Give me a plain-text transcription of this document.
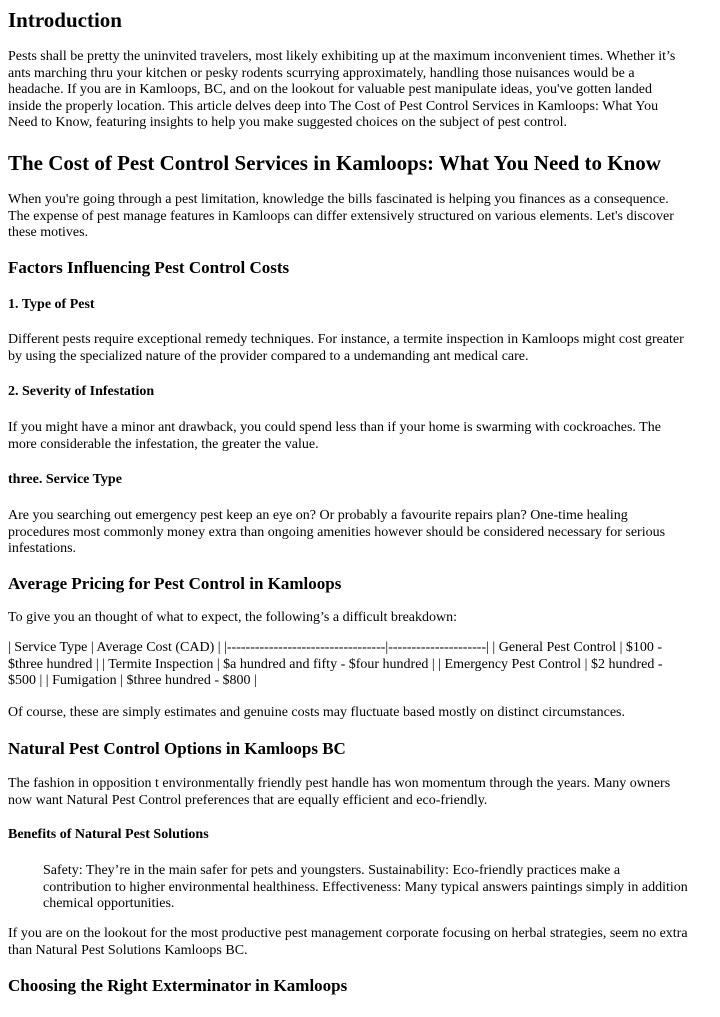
Introduction

Pests shall be pretty the uninvited travelers, most likely exhibiting up at the maximum inconvenient times. Whether it’s
ants marching thru your kitchen or pesky rodents scurrying approximately, handling those nuisances would be a
headache. If you are in Kamloops, BC, and on the lookout for valuable pest manipulate ideas, you've gotten landed
inside the properly location. This article delves deep into The Cost of Pest Control Services in Kamloops: What You
Need to Know, featuring insights to help you make suggested choices on the subject of pest control.

The Cost of Pest Control Services in Kamloops: What You Need to Know

When you're going through a pest limitation, knowledge the bills fascinated is helping you finances as a consequence.
The expense of pest manage features in Kamloops can differ extensively structured on various elements. Let's discover
these motives.

Factors Influencing Pest Control Costs
1. Type of Pest

Different pests require exceptional remedy techniques. For instance, a termite inspection in Kamloops might cost greater
by using the specialized nature of the provider compared to a undemanding ant medical care.

2. Severity of Infestation

If you might have a minor ant drawback, you could spend less than if your home is swarming with cockroaches. The
more considerable the infestation, the greater the value.

three. Service Type

Are you searching out emergency pest keep an eye on? Or probably a favourite repairs plan? One-time healing
procedures most commonly money extra than ongoing amenities however should be considered necessary for serious
infestations.

Average Pricing for Pest Control in Kamloops

To give you an thought of what to expect, the following’s a difficult breakdown:

| Service Type | Average Cost (CAD) | |----------------------------------|---------------------| | General Pest Control | $100 -
$three hundred | | Termite Inspection | $a hundred and fifty - $four hundred | | Emergency Pest Control | $2 hundred -
$500 | | Fumigation | $three hundred - $800 |

Of course, these are simply estimates and genuine costs may fluctuate based mostly on distinct circumstances.

Natural Pest Control Options in Kamloops BC

The fashion in opposition t environmentally friendly pest handle has won momentum through the years. Many owners
now want Natural Pest Control preferences that are equally efficient and eco-friendly.

Benefits of Natural Pest Solutions
Safety: They’re in the main safer for pets and youngsters. Sustainability: Eco-friendly practices make a
contribution to higher environmental healthiness. Effectiveness: Many typical answers paintings simply in addition
chemical opportunities.

If you are on the lookout for the most productive pest management corporate focusing on herbal strategies, seem no extra
than Natural Pest Solutions Kamloops BC.

Choosing the Right Exterminator in Kamloops
